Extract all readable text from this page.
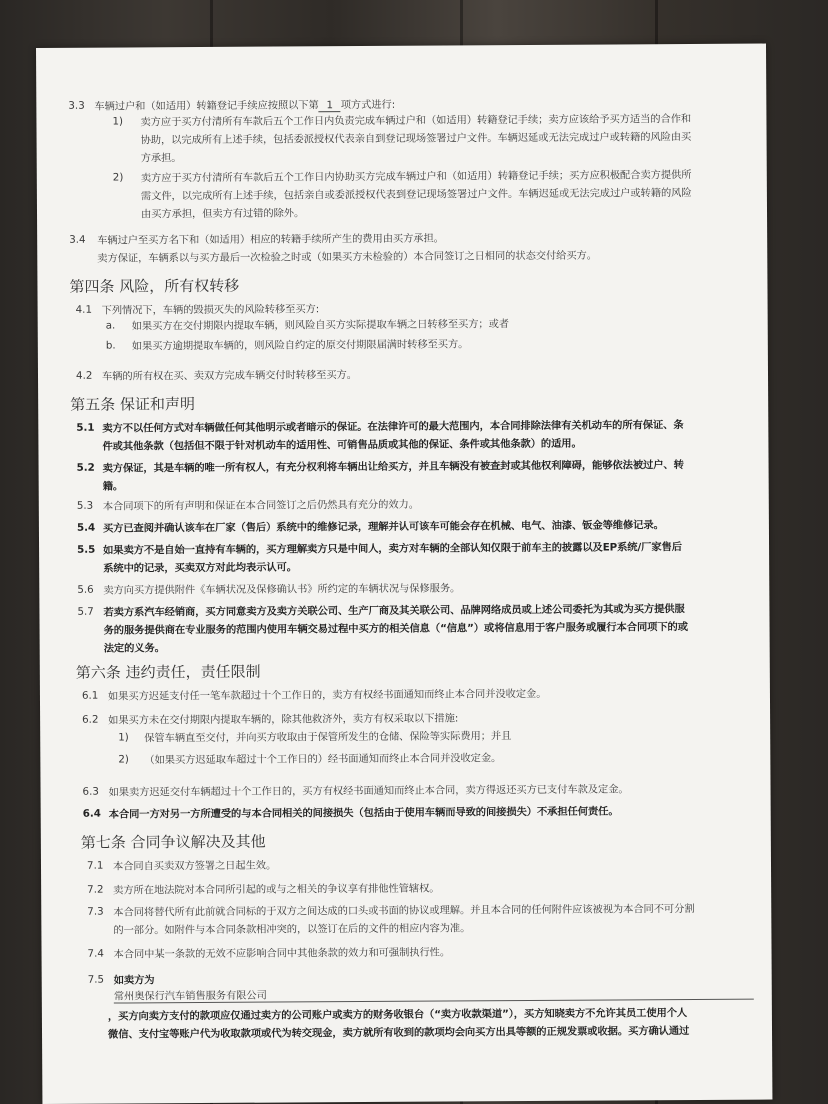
3.3 车辆过户和（如适用）转籍登记手续应按照以下第 1 项方式进行:
1) 卖方应于买方付清所有车款后五个工作日内负责完成车辆过户和（如适用）转籍登记手续；卖方应该给予买方适当的合作和
协助，以完成所有上述手续，包括委派授权代表亲自到登记现场签署过户文件。车辆迟延或无法完成过户或转籍的风险由买
方承担。
2) 卖方应于买方付清所有车款后五个工作日内协助买方完成车辆过户和（如适用）转籍登记手续；买方应积极配合卖方提供所
需文件，以完成所有上述手续，包括亲自或委派授权代表到登记现场签署过户文件。车辆迟延或无法完成过户或转籍的风险
由买方承担，但卖方有过错的除外。
3.4 车辆过户至买方名下和（如适用）相应的转籍手续所产生的费用由买方承担。
卖方保证，车辆系以与买方最后一次检验之时或（如果买方未检验的）本合同签订之日相同的状态交付给买方。
第四条 风险，所有权转移
4.1 下列情况下，车辆的毁损灭失的风险转移至买方:
a. 如果买方在交付期限内提取车辆，则风险自买方实际提取车辆之日转移至买方；或者
b. 如果买方逾期提取车辆的，则风险自约定的原交付期限届满时转移至买方。
4.2 车辆的所有权在买、卖双方完成车辆交付时转移至买方。
第五条 保证和声明
5.1 卖方不以任何方式对车辆做任何其他明示或者暗示的保证。在法律许可的最大范围内，本合同排除法律有关机动车的所有保证、条
件或其他条款（包括但不限于针对机动车的适用性、可销售品质或其他的保证、条件或其他条款）的适用。
5.2 卖方保证，其是车辆的唯一所有权人，有充分权利将车辆出让给买方，并且车辆没有被查封或其他权利障碍，能够依法被过户、转
籍。
5.3 本合同项下的所有声明和保证在本合同签订之后仍然具有充分的效力。
5.4 买方已查阅并确认该车在厂家（售后）系统中的维修记录，理解并认可该车可能会存在机械、电气、油漆、钣金等维修记录。
5.5 如果卖方不是自始一直持有车辆的，买方理解卖方只是中间人，卖方对车辆的全部认知仅限于前车主的披露以及EP系统/厂家售后
系统中的记录，买卖双方对此均表示认可。
5.6 卖方向买方提供附件《车辆状况及保修确认书》所约定的车辆状况与保修服务。
5.7 若卖方系汽车经销商，买方同意卖方及卖方关联公司、生产厂商及其关联公司、品牌网络成员或上述公司委托为其或为买方提供服
务的服务提供商在专业服务的范围内使用车辆交易过程中买方的相关信息（“信息”）或将信息用于客户服务或履行本合同项下的或
法定的义务。
第六条 违约责任，责任限制
6.1 如果买方迟延支付任一笔车款超过十个工作日的，卖方有权经书面通知而终止本合同并没收定金。
6.2 如果买方未在交付期限内提取车辆的，除其他救济外，卖方有权采取以下措施:
1) 保管车辆直至交付，并向买方收取由于保管所发生的仓储、保险等实际费用；并且
2) （如果买方迟延取车超过十个工作日的）经书面通知而终止本合同并没收定金。
6.3 如果卖方迟延交付车辆超过十个工作日的，买方有权经书面通知而终止本合同，卖方得返还买方已支付车款及定金。
6.4 本合同一方对另一方所遭受的与本合同相关的间接损失（包括由于使用车辆而导致的间接损失）不承担任何责任。
第七条 合同争议解决及其他
7.1 本合同自买卖双方签署之日起生效。
7.2 卖方所在地法院对本合同所引起的或与之相关的争议享有排他性管辖权。
7.3 本合同将替代所有此前就合同标的于双方之间达成的口头或书面的协议或理解。并且本合同的任何附件应该被视为本合同不可分割
的一部分。如附件与本合同条款相冲突的，以签订在后的文件的相应内容为准。
7.4 本合同中某一条款的无效不应影响合同中其他条款的效力和可强制执行性。
7.5 如卖方为
常州奥保行汽车销售服务有限公司
，买方向卖方支付的款项应仅通过卖方的公司账户或卖方的财务收银台（“卖方收款渠道”），买方知晓卖方不允许其员工使用个人
微信、支付宝等账户代为收取款项或代为转交现金，卖方就所有收到的款项均会向买方出具等额的正规发票或收据。买方确认通过
